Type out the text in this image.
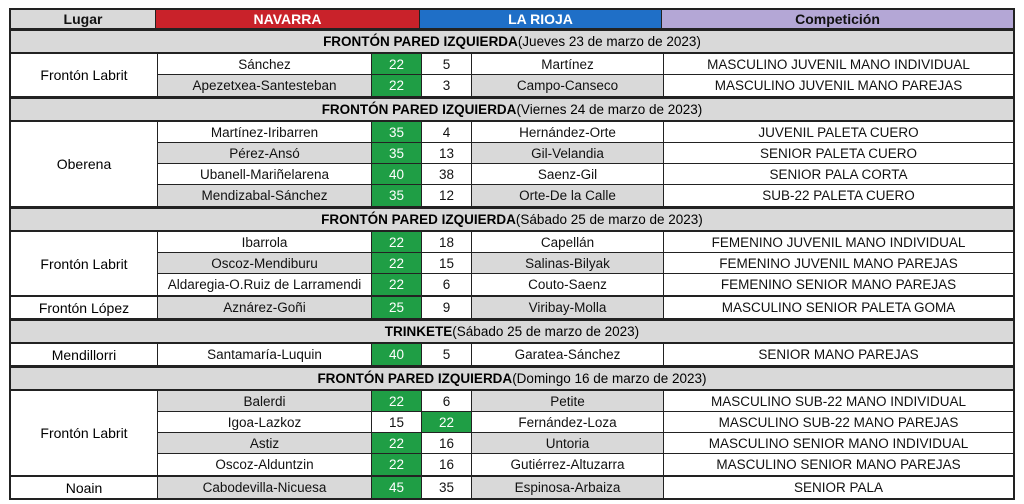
Lugar	NAVARRA	LA RIOJA	Competición
FRONTÓN PARED IZQUIERDA (Jueves 23 de marzo de 2023)
Frontón Labrit
Sánchez	22	5	Martínez	MASCULINO JUVENIL MANO INDIVIDUAL
Apezetxea-Santesteban	22	3	Campo-Canseco	MASCULINO JUVENIL MANO PAREJAS
FRONTÓN PARED IZQUIERDA (Viernes 24 de marzo de 2023)
Oberena
Martínez-Iribarren	35	4	Hernández-Orte	JUVENIL PALETA CUERO
Pérez-Ansó	35	13	Gil-Velandia	SENIOR PALETA CUERO
Ubanell-Mariñelarena	40	38	Saenz-Gil	SENIOR PALA CORTA
Mendizabal-Sánchez	35	12	Orte-De la Calle	SUB-22 PALETA CUERO
FRONTÓN PARED IZQUIERDA (Sábado 25 de marzo de 2023)
Frontón Labrit
Ibarrola	22	18	Capellán	FEMENINO JUVENIL MANO INDIVIDUAL
Oscoz-Mendiburu	22	15	Salinas-Bilyak	FEMENINO JUVENIL MANO PAREJAS
Aldaregia-O.Ruiz de Larramendi	22	6	Couto-Saenz	FEMENINO SENIOR MANO PAREJAS
Frontón López	Aznárez-Goñi	25	9	Viribay-Molla	MASCULINO SENIOR PALETA GOMA
TRINKETE (Sábado 25 de marzo de 2023)
Mendillorri	Santamaría-Luquin	40	5	Garatea-Sánchez	SENIOR MANO PAREJAS
FRONTÓN PARED IZQUIERDA (Domingo 16 de marzo de 2023)
Frontón Labrit
Balerdi	22	6	Petite	MASCULINO SUB-22 MANO INDIVIDUAL
Igoa-Lazkoz	15	22	Fernández-Loza	MASCULINO SUB-22 MANO PAREJAS
Astiz	22	16	Untoria	MASCULINO SENIOR MANO INDIVIDUAL
Oscoz-Alduntzin	22	16	Gutiérrez-Altuzarra	MASCULINO SENIOR MANO PAREJAS
Noain	Cabodevilla-Nicuesa	45	35	Espinosa-Arbaiza	SENIOR PALA
